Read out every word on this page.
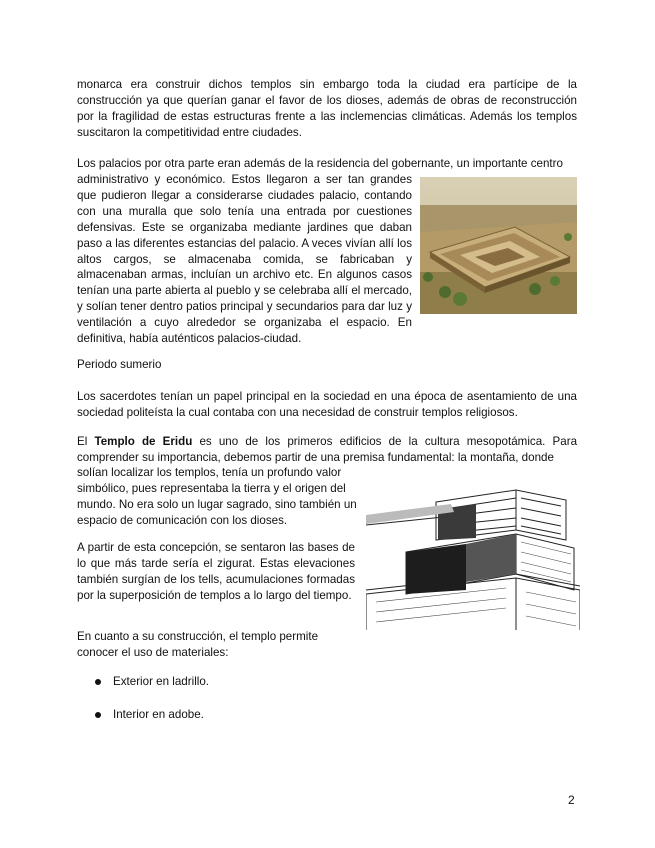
monarca era construir dichos templos sin embargo toda la ciudad era partícipe de la construcción ya que querían ganar el favor de los dioses, además de obras de reconstrucción por la fragilidad de estas estructuras frente a las inclemencias climáticas. Además los templos suscitaron la competitividad entre ciudades.

Los palacios por otra parte eran además de la residencia del gobernante, un importante centro

administrativo y económico. Estos llegaron a ser tan grandes que pudieron llegar a considerarse ciudades palacio, contando con una muralla que solo tenía una entrada por cuestiones defensivas. Este se organizaba mediante jardines que daban paso a las diferentes estancias del palacio. A veces vivían allí los altos cargos, se almacenaba comida, se fabricaban y almacenaban armas, incluían un archivo etc. En algunos casos tenían una parte abierta al pueblo y se celebraba allí el mercado, y solían tener dentro patios principal y secundarios para dar luz y ventilación a cuyo alrededor se organizaba el espacio. En definitiva, había auténticos palacios-ciudad.

Periodo sumerio

Los sacerdotes tenían un papel principal en la sociedad en una época de asentamiento de una sociedad politeísta la cual contaba con una necesidad de construir templos religiosos.

El Templo de Eridu es uno de los primeros edificios de la cultura mesopotámica. Para comprender su importancia, debemos partir de una premisa fundamental: la montaña, donde

solían localizar los templos, tenía un profundo valor simbólico, pues representaba la tierra y el origen del mundo. No era solo un lugar sagrado, sino también un espacio de comunicación con los dioses.

A partir de esta concepción, se sentaron las bases de lo que más tarde sería el zigurat. Estas elevaciones también surgían de los tells, acumulaciones formadas por la superposición de templos a lo largo del tiempo.

En cuanto a su construcción, el templo permite conocer el uso de materiales:

Exterior en ladrillo.
Interior en adobe.
2
